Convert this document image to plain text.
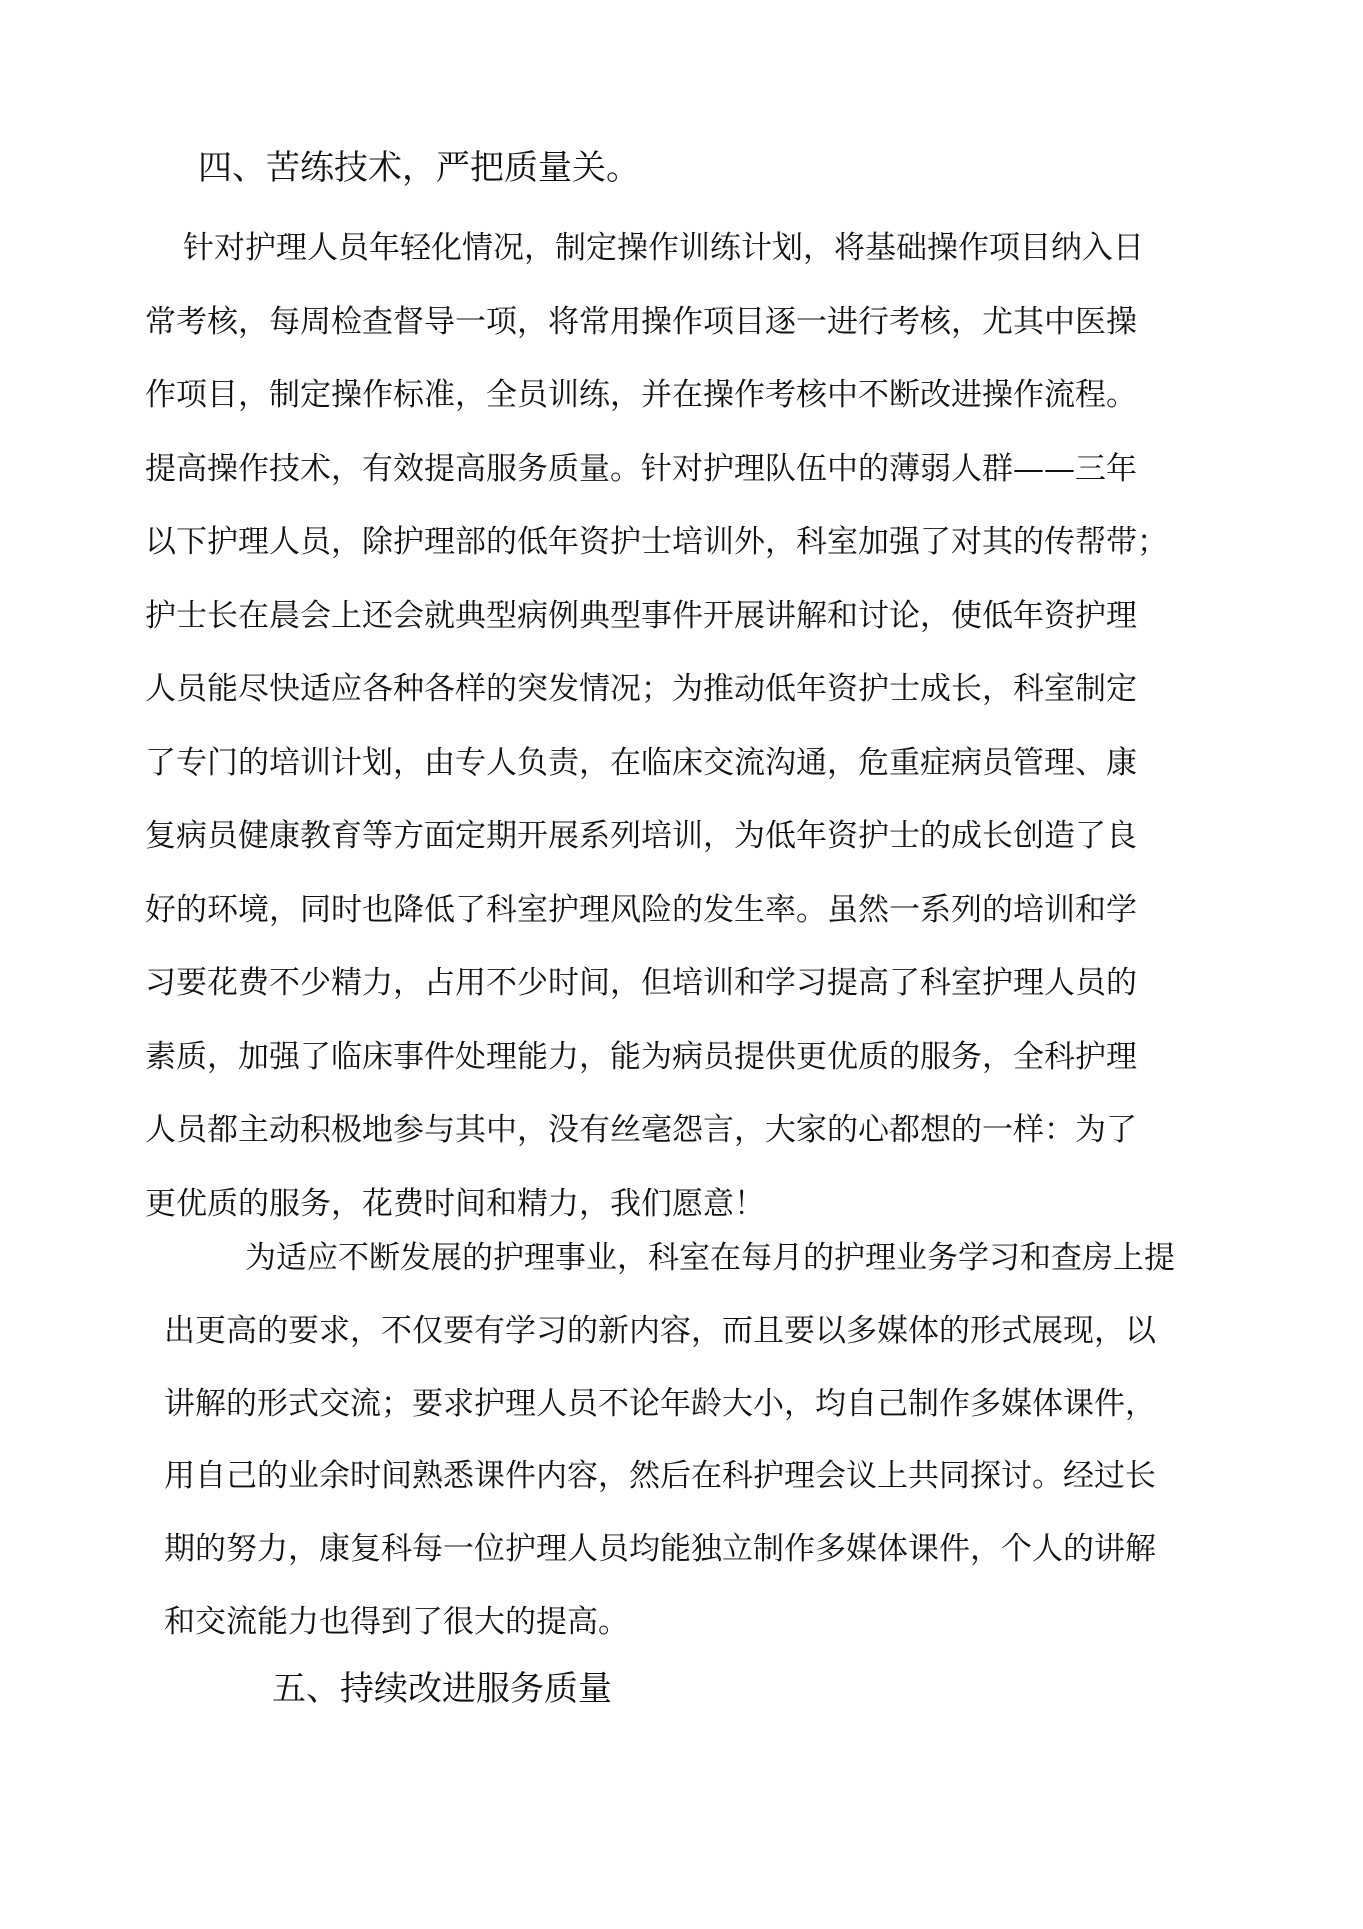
四、苦练技术，严把质量关。
针对护理人员年轻化情况，制定操作训练计划，将基础操作项目纳入日
常考核，每周检查督导一项，将常用操作项目逐一进行考核，尤其中医操
作项目，制定操作标准，全员训练，并在操作考核中不断改进操作流程。
提高操作技术，有效提高服务质量。针对护理队伍中的薄弱人群——三年
以下护理人员，除护理部的低年资护士培训外，科室加强了对其的传帮带；
护士长在晨会上还会就典型病例典型事件开展讲解和讨论，使低年资护理
人员能尽快适应各种各样的突发情况；为推动低年资护士成长，科室制定
了专门的培训计划，由专人负责，在临床交流沟通，危重症病员管理、康
复病员健康教育等方面定期开展系列培训，为低年资护士的成长创造了良
好的环境，同时也降低了科室护理风险的发生率。虽然一系列的培训和学
习要花费不少精力，占用不少时间，但培训和学习提高了科室护理人员的
素质，加强了临床事件处理能力，能为病员提供更优质的服务，全科护理
人员都主动积极地参与其中，没有丝毫怨言，大家的心都想的一样：为了
更优质的服务，花费时间和精力，我们愿意！
为适应不断发展的护理事业，科室在每月的护理业务学习和查房上提
出更高的要求，不仅要有学习的新内容，而且要以多媒体的形式展现，以
讲解的形式交流；要求护理人员不论年龄大小，均自己制作多媒体课件，
用自己的业余时间熟悉课件内容，然后在科护理会议上共同探讨。经过长
期的努力，康复科每一位护理人员均能独立制作多媒体课件，个人的讲解
和交流能力也得到了很大的提高。
五、持续改进服务质量
